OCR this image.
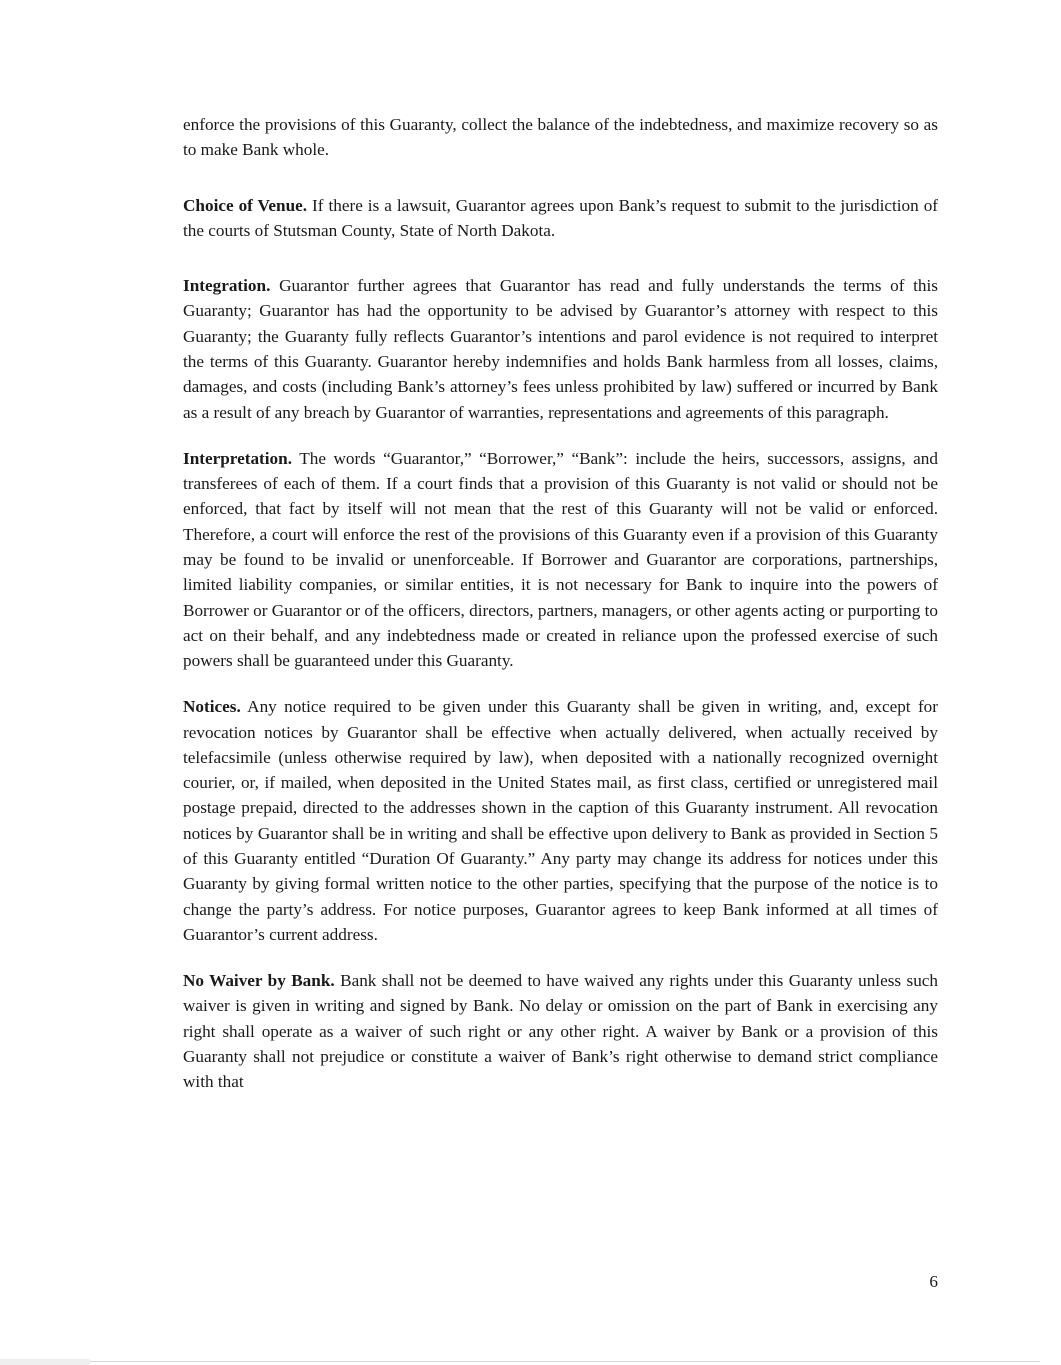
enforce the provisions of this Guaranty, collect the balance of the indebtedness, and maximize recovery so as to make Bank whole.

Choice of Venue. If there is a lawsuit, Guarantor agrees upon Bank’s request to submit to the jurisdiction of the courts of Stutsman County, State of North Dakota.

Integration. Guarantor further agrees that Guarantor has read and fully understands the terms of this Guaranty; Guarantor has had the opportunity to be advised by Guarantor’s attorney with respect to this Guaranty; the Guaranty fully reflects Guarantor’s intentions and parol evidence is not required to interpret the terms of this Guaranty. Guarantor hereby indemnifies and holds Bank harmless from all losses, claims, damages, and costs (including Bank’s attorney’s fees unless prohibited by law) suffered or incurred by Bank as a result of any breach by Guarantor of warranties, representations and agreements of this paragraph.

Interpretation. The words “Guarantor,” “Borrower,” “Bank”: include the heirs, successors, assigns, and transferees of each of them. If a court finds that a provision of this Guaranty is not valid or should not be enforced, that fact by itself will not mean that the rest of this Guaranty will not be valid or enforced. Therefore, a court will enforce the rest of the provisions of this Guaranty even if a provision of this Guaranty may be found to be invalid or unenforceable. If Borrower and Guarantor are corporations, partnerships, limited liability companies, or similar entities, it is not necessary for Bank to inquire into the powers of Borrower or Guarantor or of the officers, directors, partners, managers, or other agents acting or purporting to act on their behalf, and any indebtedness made or created in reliance upon the professed exercise of such powers shall be guaranteed under this Guaranty.

Notices. Any notice required to be given under this Guaranty shall be given in writing, and, except for revocation notices by Guarantor shall be effective when actually delivered, when actually received by telefacsimile (unless otherwise required by law), when deposited with a nationally recognized overnight courier, or, if mailed, when deposited in the United States mail, as first class, certified or unregistered mail postage prepaid, directed to the addresses shown in the caption of this Guaranty instrument. All revocation notices by Guarantor shall be in writing and shall be effective upon delivery to Bank as provided in Section 5 of this Guaranty entitled “Duration Of Guaranty.” Any party may change its address for notices under this Guaranty by giving formal written notice to the other parties, specifying that the purpose of the notice is to change the party’s address. For notice purposes, Guarantor agrees to keep Bank informed at all times of Guarantor’s current address.

No Waiver by Bank. Bank shall not be deemed to have waived any rights under this Guaranty unless such waiver is given in writing and signed by Bank. No delay or omission on the part of Bank in exercising any right shall operate as a waiver of such right or any other right. A waiver by Bank or a provision of this Guaranty shall not prejudice or constitute a waiver of Bank’s right otherwise to demand strict compliance with that

6
